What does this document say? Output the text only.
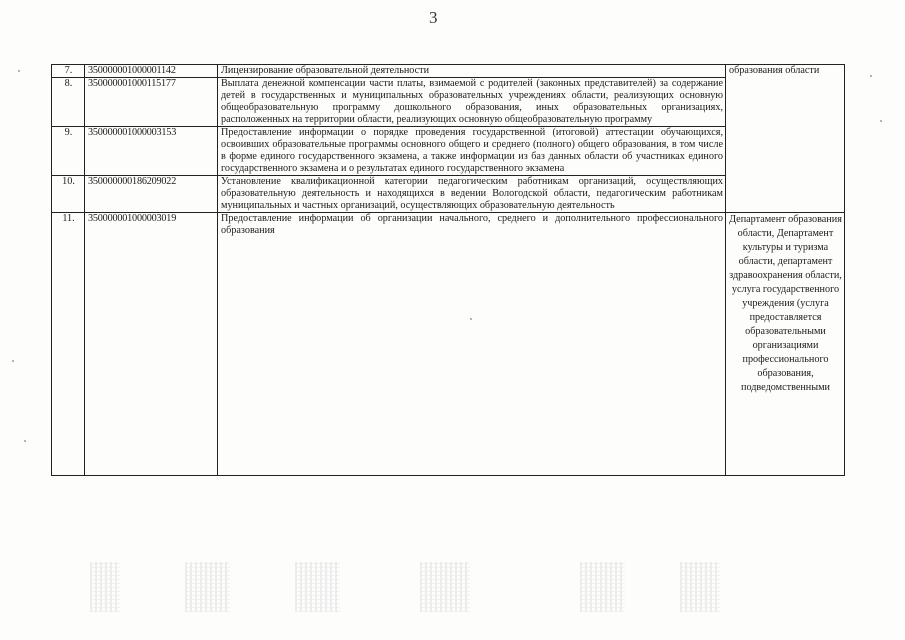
3
7.	350000001000001142	Лицензирование образовательной деятельности	образования области

8.	350000001000115177	Выплата денежной компенсации части платы, взимаемой с родителей (законных представителей) за содержание детей в государственных и муниципальных образовательных учреждениях области, реализующих основную общеобразовательную программу дошкольного образования, иных образовательных организациях, расположенных на территории области, реализующих основную общеобразовательную программу	

9.	350000001000003153	Предоставление информации о порядке проведения государственной (итоговой) аттестации обучающихся, освоивших образовательные программы основного общего и среднего (полного) общего образования, в том числе в форме единого государственного экзамена, а также информации из баз данных области об участниках единого государственного экзамена и о результатах единого государственного экзамена	

10.	350000000186209022	Установление квалификационной категории педагогическим работникам организаций, осуществляющих образовательную деятельность и находящихся в ведении Вологодской области, педагогическим работникам муниципальных и частных организаций, осуществляющих образовательную деятельность	

11.	350000001000003019	Предоставление информации об организации начального, среднего и дополнительного профессионального образования	Департамент образования области, Департамент культуры и туризма области, департамент здравоохранения области, услуга государственного учреждения (услуга предоставляется образовательными организациями профессионального образования, подведомственными
